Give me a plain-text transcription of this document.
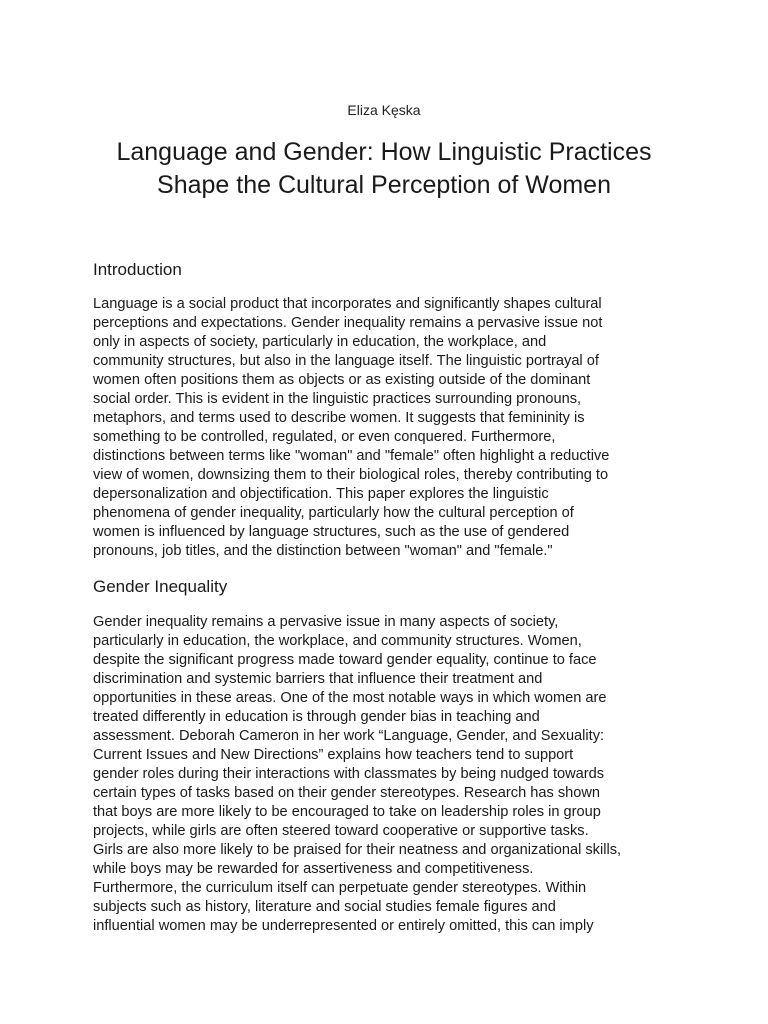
Eliza Kęska
Language and Gender: How Linguistic Practices
Shape the Cultural Perception of Women
Introduction
Language is a social product that incorporates and significantly shapes cultural
perceptions and expectations. Gender inequality remains a pervasive issue not
only in aspects of society, particularly in education, the workplace, and
community structures, but also in the language itself. The linguistic portrayal of
women often positions them as objects or as existing outside of the dominant
social order. This is evident in the linguistic practices surrounding pronouns,
metaphors, and terms used to describe women. It suggests that femininity is
something to be controlled, regulated, or even conquered. Furthermore,
distinctions between terms like "woman" and "female" often highlight a reductive
view of women, downsizing them to their biological roles, thereby contributing to
depersonalization and objectification. This paper explores the linguistic
phenomena of gender inequality, particularly how the cultural perception of
women is influenced by language structures, such as the use of gendered
pronouns, job titles, and the distinction between "woman" and "female."
Gender Inequality
Gender inequality remains a pervasive issue in many aspects of society,
particularly in education, the workplace, and community structures. Women,
despite the significant progress made toward gender equality, continue to face
discrimination and systemic barriers that influence their treatment and
opportunities in these areas. One of the most notable ways in which women are
treated differently in education is through gender bias in teaching and
assessment. Deborah Cameron in her work “Language, Gender, and Sexuality:
Current Issues and New Directions” explains how teachers tend to support
gender roles during their interactions with classmates by being nudged towards
certain types of tasks based on their gender stereotypes. Research has shown
that boys are more likely to be encouraged to take on leadership roles in group
projects, while girls are often steered toward cooperative or supportive tasks.
Girls are also more likely to be praised for their neatness and organizational skills,
while boys may be rewarded for assertiveness and competitiveness.
Furthermore, the curriculum itself can perpetuate gender stereotypes. Within
subjects such as history, literature and social studies female figures and
influential women may be underrepresented or entirely omitted, this can imply
